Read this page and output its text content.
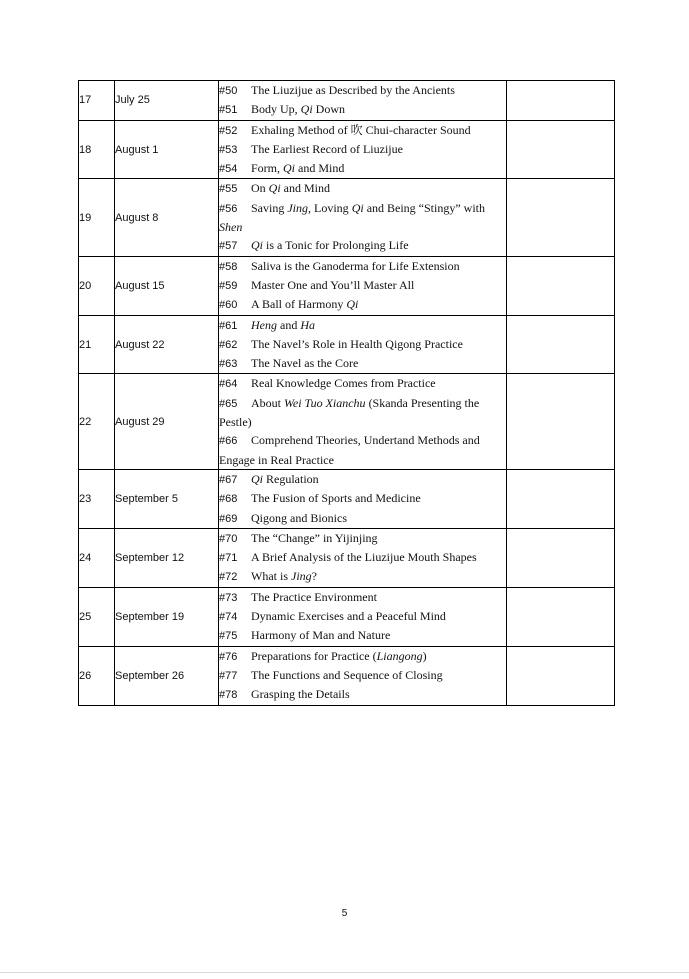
17	July 25	#50 The Liuzijue as Described by the Ancients
#51 Body Up, Qi Down	

18	August 1	#52 Exhaling Method of 吹 Chui-character Sound
#53 The Earliest Record of Liuzijue
#54 Form, Qi and Mind	

19	August 8	#55 On Qi and Mind
#56 Saving Jing, Loving Qi and Being “Stingy” with Shen
#57 Qi is a Tonic for Prolonging Life	

20	August 15	#58 Saliva is the Ganoderma for Life Extension
#59 Master One and You’ll Master All
#60 A Ball of Harmony Qi	

21	August 22	#61 Heng and Ha
#62 The Navel’s Role in Health Qigong Practice
#63 The Navel as the Core	

22	August 29	#64 Real Knowledge Comes from Practice
#65 About Wei Tuo Xianchu (Skanda Presenting the Pestle)
#66 Comprehend Theories, Undertand Methods and Engage in Real Practice	

23	September 5	#67 Qi Regulation
#68 The Fusion of Sports and Medicine
#69 Qigong and Bionics	

24	September 12	#70 The “Change” in Yijinjing
#71 A Brief Analysis of the Liuzijue Mouth Shapes
#72 What is Jing?	

25	September 19	#73 The Practice Environment
#74 Dynamic Exercises and a Peaceful Mind
#75 Harmony of Man and Nature	

26	September 26	#76 Preparations for Practice (Liangong)
#77 The Functions and Sequence of Closing
#78 Grasping the Details	

5
